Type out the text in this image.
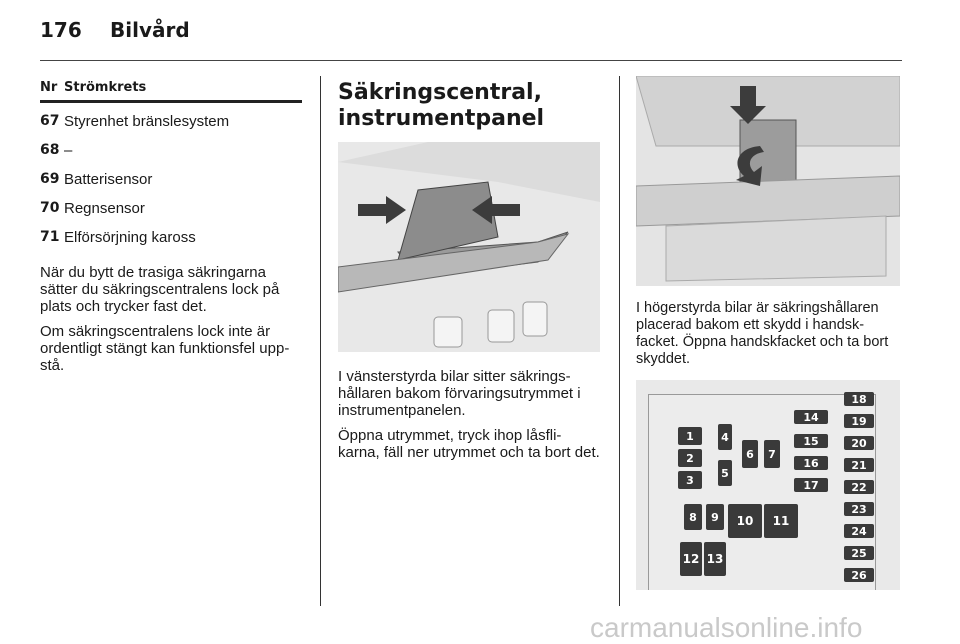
176 Bilvård
Nr Strömkrets
67 Styrenhet bränslesystem
68 –
69 Batterisensor
70 Regnsensor
71 Elförsörjning kaross

När du bytt de trasiga säkringarna sätter du säkringscentralens lock på plats och trycker fast det.

Om säkringscentralens lock inte är ordentligt stängt kan funktionsfel upp-stå.

Säkringscentral,
instrumentpanel

I vänsterstyrda bilar sitter säkrings-hållaren bakom förvaringsutrymmet i instrumentpanelen.

Öppna utrymmet, tryck ihop låsfli-karna, fäll ner utrymmet och ta bort det.

I högerstyrda bilar är säkringshållaren placerad bakom ett skydd i handsk-facket. Öppna handskfacket och ta bort skyddet.

1
2
3
4
5
6	7
8	9	10	11
12 13
14
15
16
17
18
19
20
21
22
23
24
25
26
carmanualsonline.info
